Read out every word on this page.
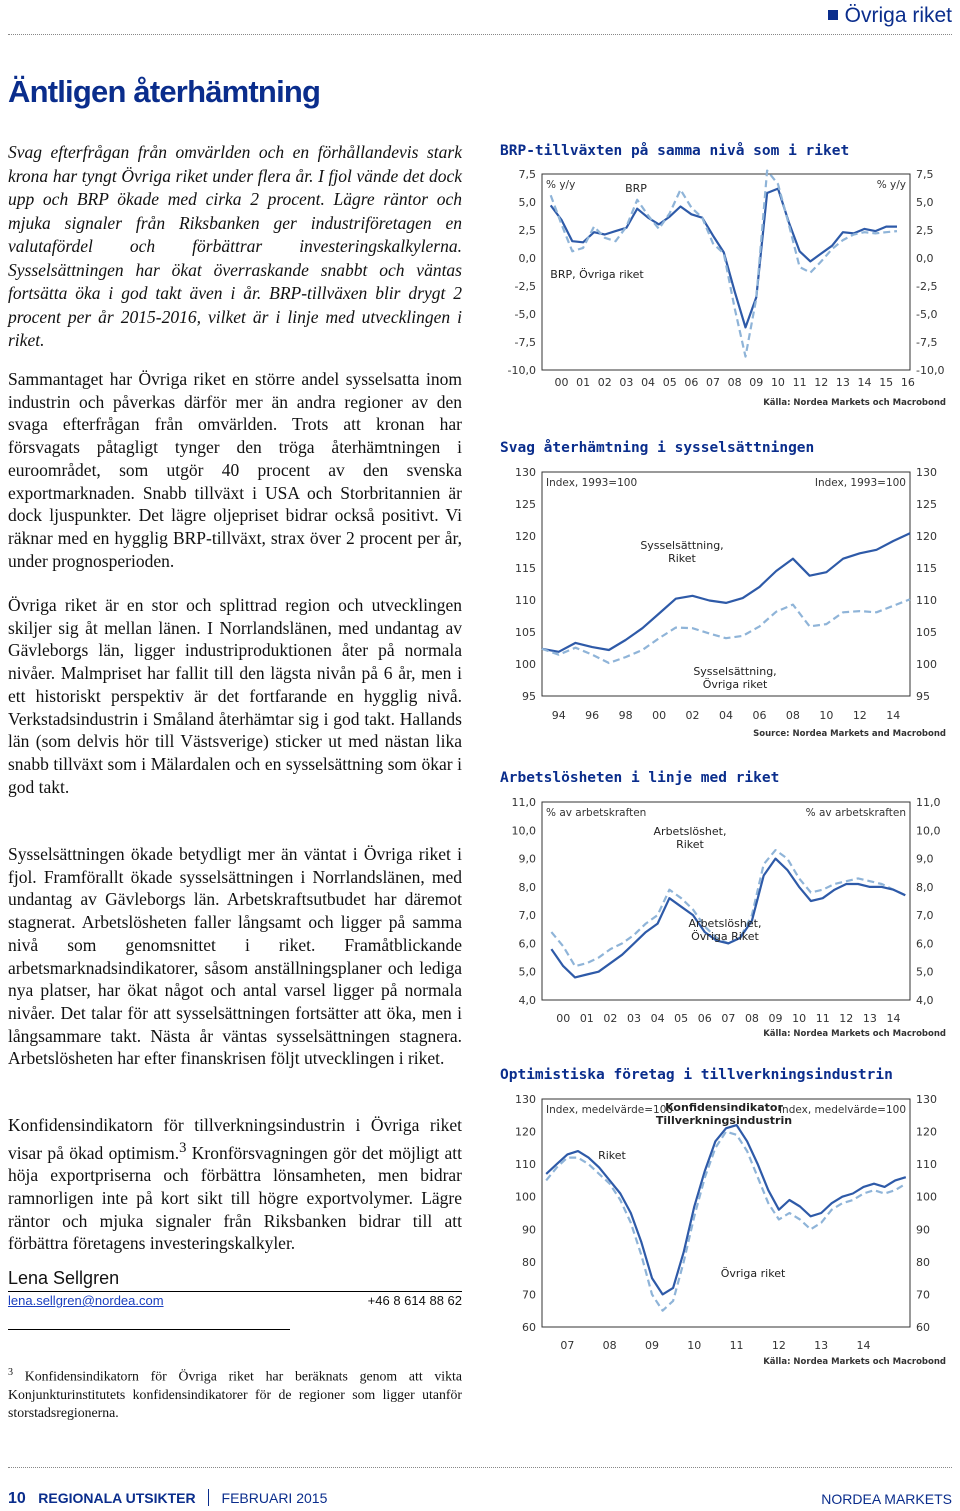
Övriga riket
Äntligen återhämtning

Svag efterfrågan från omvärlden och en förhållandevis stark krona har tyngt Övriga riket under flera år. I fjol vände det dock upp och BRP ökade med cirka 2 procent. Lägre räntor och mjuka signaler från Riksbanken ger industriföretagen en valutafördel och förbättrar investeringskalkylerna. Sysselsättningen har ökat överraskande snabbt och väntas fortsätta öka i god takt även i år. BRP-tillväxen blir drygt 2 procent per år 2015-2016, vilket är i linje med utvecklingen i riket.

Sammantaget har Övriga riket en större andel sysselsatta inom industrin och påverkas därför mer än andra regioner av den svaga efterfrågan från omvärlden. Trots att kronan har försvagats påtagligt tynger den tröga återhämtningen i euroområdet, som utgör 40 procent av den svenska exportmarknaden. Snabb tillväxt i USA och Storbritannien är dock ljuspunkter. Det lägre oljepriset bidrar också positivt. Vi räknar med en hygglig BRP-tillväxt, strax över 2 procent per år, under prognosperioden.

Övriga riket är en stor och splittrad region och utvecklingen skiljer sig åt mellan länen. I Norrlandslänen, med undantag av Gävleborgs län, ligger industriproduktionen åter på normala nivåer. Malmpriset har fallit till den lägsta nivån på 6 år, men i ett historiskt perspektiv är det fortfarande en hygglig nivå. Verkstadsindustrin i Småland återhämtar sig i god takt. Hallands län (som delvis hör till Västsverige) sticker ut med nästan lika snabb tillväxt som i Mälardalen och en sysselsättning som ökar i god takt.

Sysselsättningen ökade betydligt mer än väntat i Övriga riket i fjol. Framförallt ökade sysselsättningen i Norrlandslänen, med undantag av Gävleborgs län. Arbetskraftsutbudet har däremot stagnerat. Arbetslösheten faller långsamt och ligger på samma nivå som genomsnittet i riket. Framåtblickande arbetsmarknadsindikatorer, såsom anställningsplaner och lediga nya platser, har ökat något och antal varsel ligger på normala nivåer. Det talar för att sysselsättningen fortsätter att öka, men i långsammare takt. Nästa år väntas sysselsättningen stagnera. Arbetslösheten har efter finanskrisen följt utvecklingen i riket.

Konfidensindikatorn för tillverkningsindustrin i Övriga riket visar på ökad optimism.$^3$ Kronförsvagningen gör det möjligt att höja exportpriserna och förbättra lönsamheten, men bidrar ramnorligen inte på kort sikt till högre exportvolymer. Lägre räntor och mjuka signaler från Riksbanken bidrar till att förbättra företagens investeringskalkyler.

Lena Sellgren
lena.sellgren@nordea.com	+46 8 614 88 62

$^3$ Konfidensindikatorn för Övriga riket har beräknats genom att vikta Konjunkturinstitutets konfidensindikatorer för de regioner som ligger utanför storstadsregionerna.

BRP-tillväxten på samma nivå som i riket
7,5	7,5
5,0	5,0
2,5	2,5
0,0	0,0
-2,5	-2,5
-5,0	-5,0
-7,5	-7,5
-10,0	-10,0
00 01 02 03 04 05 06 07 08 09 10 11 12 13 14 15 16
% y/y	% y/y
BRP
BRP, Övriga riket
Källa: Nordea Markets och Macrobond
Svag återhämtning i sysselsättningen
130	130
125	125
120	120
115	115
110	110
105	105
100	100
95	95
94 96 98 00 02 04 06 08 10 12 14
Index, 1993=100	Index, 1993=100
Sysselsättning, Riket
Sysselsättning, Övriga riket
Source: Nordea Markets and Macrobond
Arbetslösheten i linje med riket
11,0	11,0
10,0	10,0
9,0	9,0
8,0	8,0
7,0	7,0
6,0	6,0
5,0	5,0
4,0	4,0
00 01 02 03 04 05 06 07 08 09 10 11 12 13 14
% av arbetskraften	% av arbetskraften
Arbetslöshet, Övriga Riket
Arbetslöshet, Riket
Källa: Nordea Markets och Macrobond
Optimistiska företag i tillverkningsindustrin
130	130
120	120
110	110
100	100
90	90
80	80
70	70
60	60
07	08	09	10	11	12	13	14
Index, medelvärde=100	Index, medelvärde=100
Riket
Övriga riket
Konfidensindikator Tillverkningsindustrin
Källa: Nordea Markets och Macrobond
10 REGIONALA UTSIKTER FEBRUARI 2015	NORDEA MARKETS
